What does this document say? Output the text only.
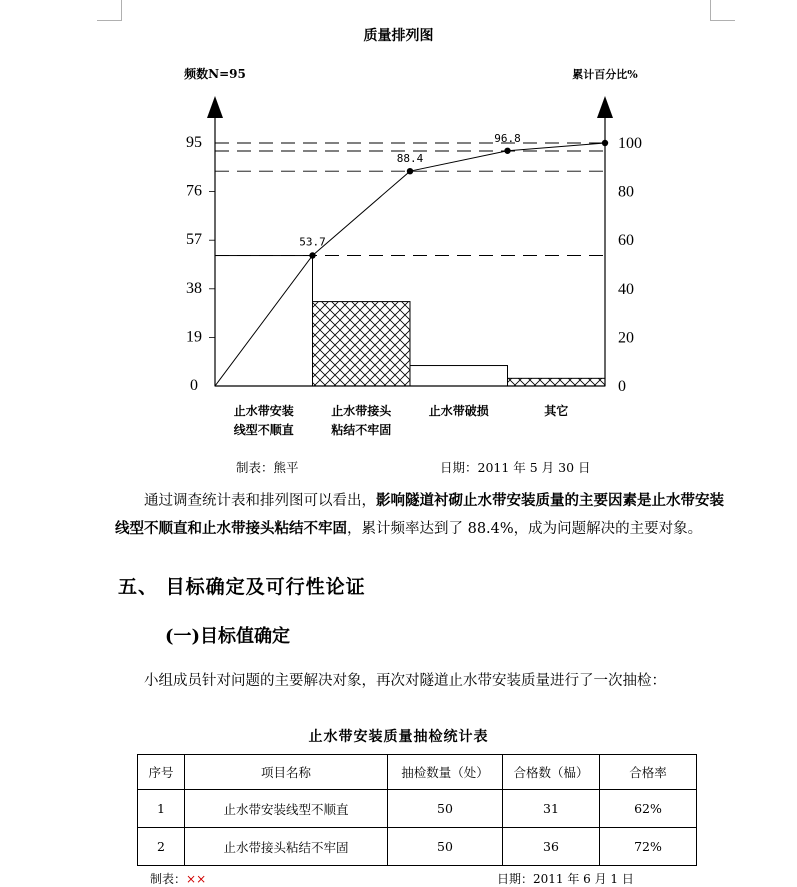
质量排列图
频数N=95	累计百分比%
0
19
38
57
76
95
0
20
40
60
80
100
53.7
88.4
96.8
止水带安装
线型不顺直
止水带接头
粘结不牢固
止水带破损	其它
制表：熊平	日期：2011 年 5 月 30 日
通过调查统计表和排列图可以看出，影响隧道衬砌止水带安装质量的主要因素是止水带安装线型不顺直和止水带接头粘结不牢固，累计频率达到了 88.4%，成为问题解决的主要对象。
五、 目标确定及可行性论证
(一)目标值确定
小组成员针对问题的主要解决对象，再次对隧道止水带安装质量进行了一次抽检：
止水带安装质量抽检统计表
序号	项目名称	抽检数量（处）	合格数（榀）	合格率
1	止水带安装线型不顺直	50	31	62%
2	止水带接头粘结不牢固	50	36	72%
制表：××	日期：2011 年 6 月 1 日
